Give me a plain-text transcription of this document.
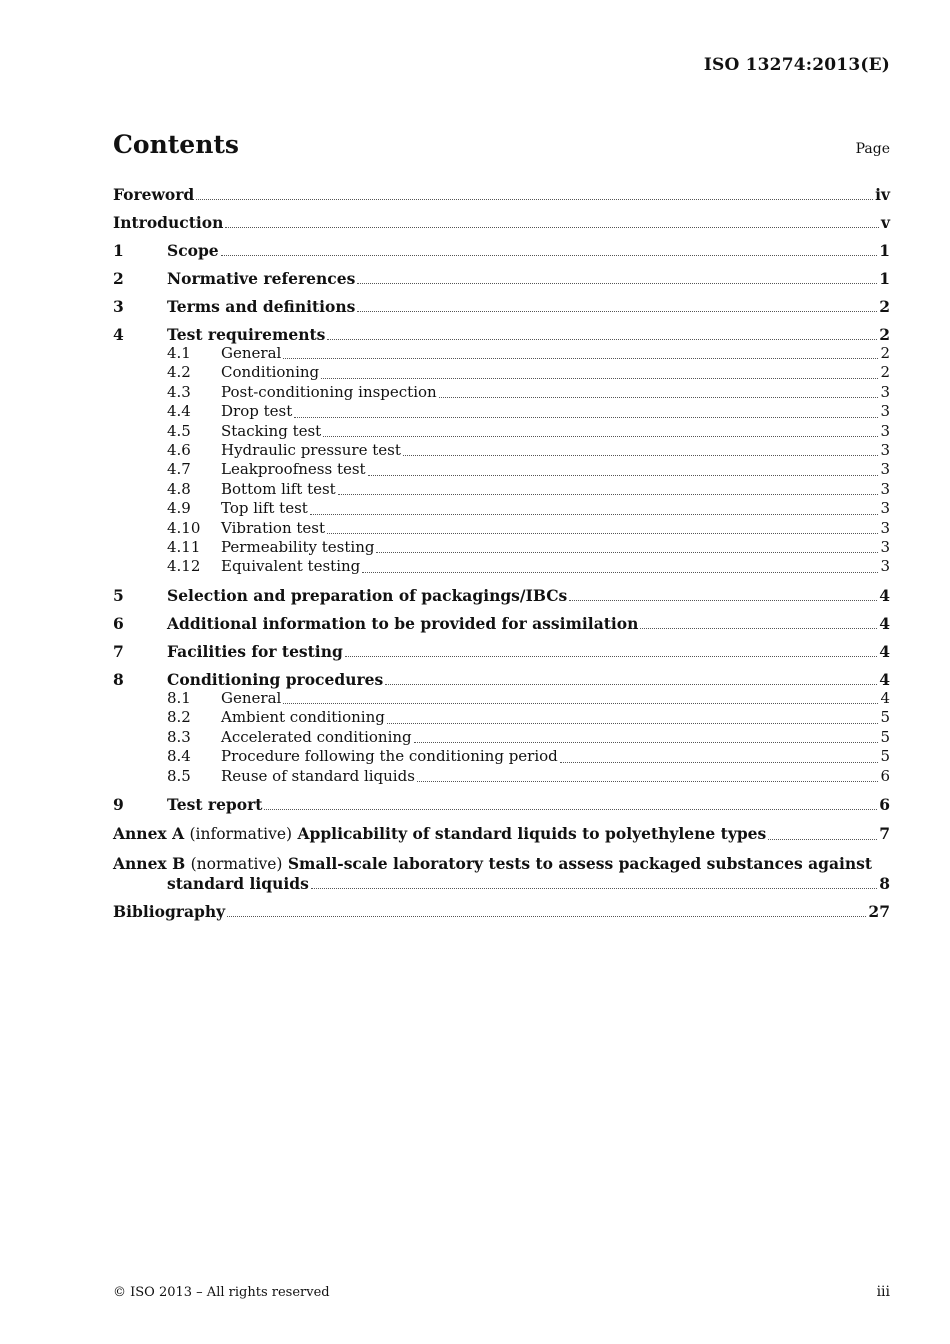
ISO 13274:2013(E)
Contents	Page
Foreword	iv
Introduction	v
1	Scope	1
2	Normative references	1
3	Terms and definitions	2
4	Test requirements	2
4.1	General	2
4.2	Conditioning	2
4.3	Post-conditioning inspection	3
4.4	Drop test	3
4.5	Stacking test	3
4.6	Hydraulic pressure test	3
4.7	Leakproofness test	3
4.8	Bottom lift test	3
4.9	Top lift test	3
4.10	Vibration test	3
4.11	Permeability testing	3
4.12	Equivalent testing	3
5	Selection and preparation of packagings/IBCs	4
6	Additional information to be provided for assimilation	4
7	Facilities for testing	4
8	Conditioning procedures	4
8.1	General	4
8.2	Ambient conditioning	5
8.3	Accelerated conditioning	5
8.4	Procedure following the conditioning period	5
8.5	Reuse of standard liquids	6
9	Test report	6
Annex A (informative) Applicability of standard liquids to polyethylene types	7
Annex B (normative) Small-scale laboratory tests to assess packaged substances against
standard liquids	8
Bibliography	27
© ISO 2013 – All rights reserved	iii
